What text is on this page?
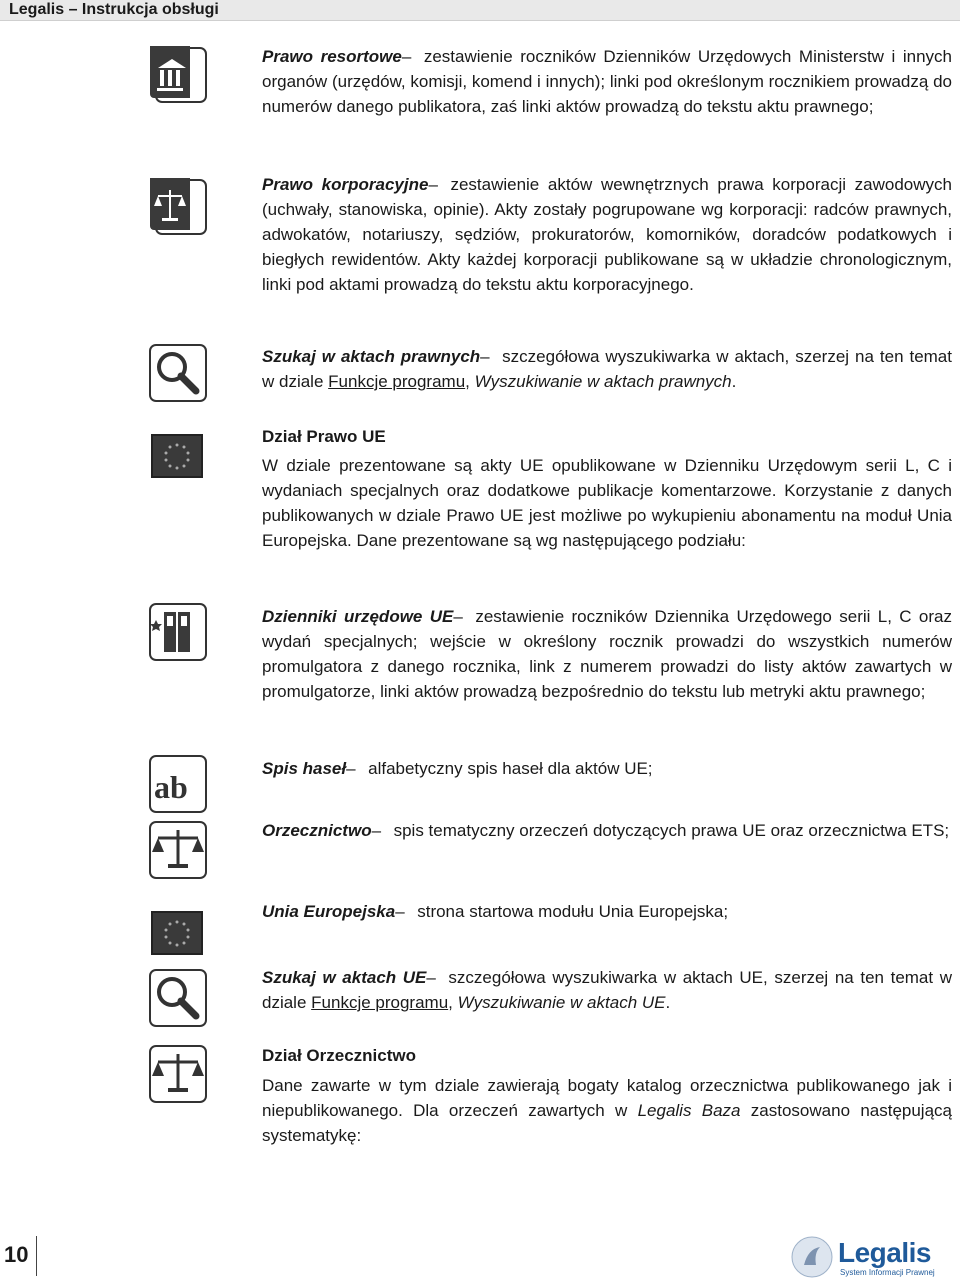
Legalis – Instrukcja obsługi
ab
Prawo resortowe– zestawienie roczników Dzienników Urzędowych Ministerstw i innych organów (urzędów, komisji, komend i innych); linki pod określonym rocznikiem prowadzą do numerów danego publikatora, zaś linki aktów prowadzą do tekstu aktu prawnego;
Prawo korporacyjne– zestawienie aktów wewnętrznych prawa korporacji zawodowych (uchwały, stanowiska, opinie). Akty zostały pogrupowane wg korporacji: radców prawnych, adwokatów, notariuszy, sędziów, prokuratorów, komorników, doradców podatkowych i biegłych rewidentów. Akty każdej korporacji publikowane są w układzie chronologicznym, linki pod aktami prowadzą do tekstu aktu korporacyjnego.
Szukaj w aktach prawnych– szczegółowa wyszukiwarka w aktach, szerzej na ten temat w dziale Funkcje programu, Wyszukiwanie w aktach prawnych.
Dział Prawo UE
W dziale prezentowane są akty UE opublikowane w Dzienniku Urzędowym serii L, C i wydaniach specjalnych oraz dodatkowe publikacje komentarzowe. Korzystanie z danych publikowanych w dziale Prawo UE jest możliwe po wykupieniu abonamentu na moduł Unia Europejska. Dane prezentowane są wg następującego podziału:
Dzienniki urzędowe UE– zestawienie roczników Dziennika Urzędowego serii L, C oraz wydań specjalnych; wejście w określony rocznik prowadzi do wszystkich numerów promulgatora z danego rocznika, link z numerem prowadzi do listy aktów zawartych w promulgatorze, linki aktów prowadzą bezpośrednio do tekstu lub metryki aktu prawnego;
Spis haseł– alfabetyczny spis haseł dla aktów UE;
Orzecznictwo– spis tematyczny orzeczeń dotyczących prawa UE oraz orzecznictwa ETS;
Unia Europejska– strona startowa modułu Unia Europejska;
Szukaj w aktach UE– szczegółowa wyszukiwarka w aktach UE, szerzej na ten temat w dziale Funkcje programu, Wyszukiwanie w aktach UE.
Dział Orzecznictwo
Dane zawarte w tym dziale zawierają bogaty katalog orzecznictwa publikowanego jak i niepublikowanego. Dla orzeczeń zawartych w Legalis Baza zastosowano następującą systematykę:
10	Legalis
System Informacji Prawnej
